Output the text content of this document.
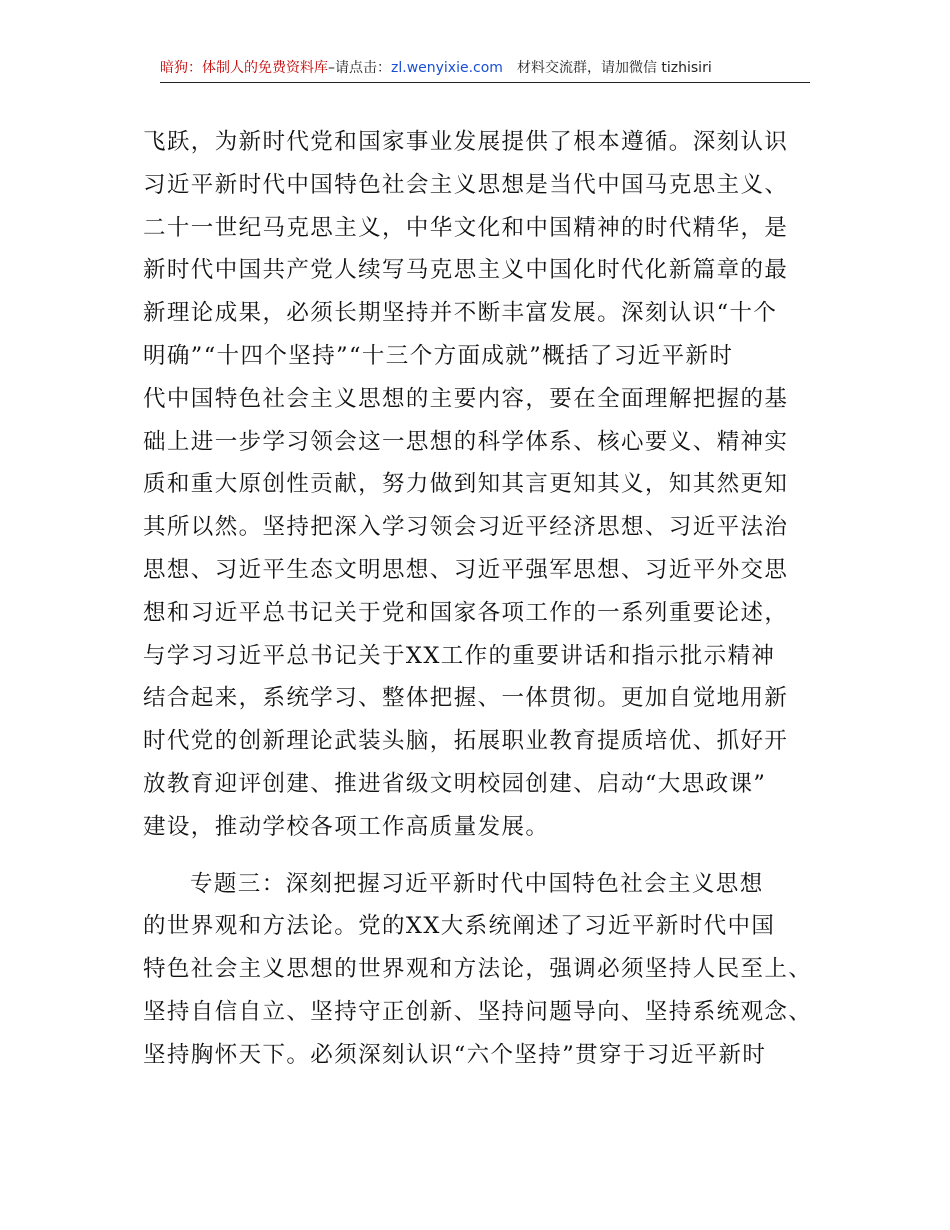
暗狗：体制人的免费资料库–请点击：zl.wenyixie.com 材料交流群，请加微信 tizhisiri

飞跃，为新时代党和国家事业发展提供了根本遵循。深刻认识
习近平新时代中国特色社会主义思想是当代中国马克思主义、
二十一世纪马克思主义，中华文化和中国精神的时代精华，是
新时代中国共产党人续写马克思主义中国化时代化新篇章的最
新理论成果，必须长期坚持并不断丰富发展。深刻认识“十个
明确”“十四个坚持”“十三个方面成就”概括了习近平新时
代中国特色社会主义思想的主要内容，要在全面理解把握的基
础上进一步学习领会这一思想的科学体系、核心要义、精神实
质和重大原创性贡献，努力做到知其言更知其义，知其然更知
其所以然。坚持把深入学习领会习近平经济思想、习近平法治
思想、习近平生态文明思想、习近平强军思想、习近平外交思
想和习近平总书记关于党和国家各项工作的一系列重要论述，
与学习习近平总书记关于XX工作的重要讲话和指示批示精神
结合起来，系统学习、整体把握、一体贯彻。更加自觉地用新
时代党的创新理论武装头脑，拓展职业教育提质培优、抓好开
放教育迎评创建、推进省级文明校园创建、启动“大思政课”
建设，推动学校各项工作高质量发展。

专题三：深刻把握习近平新时代中国特色社会主义思想
的世界观和方法论。党的XX大系统阐述了习近平新时代中国
特色社会主义思想的世界观和方法论，强调必须坚持人民至上、
坚持自信自立、坚持守正创新、坚持问题导向、坚持系统观念、
坚持胸怀天下。必须深刻认识“六个坚持”贯穿于习近平新时
